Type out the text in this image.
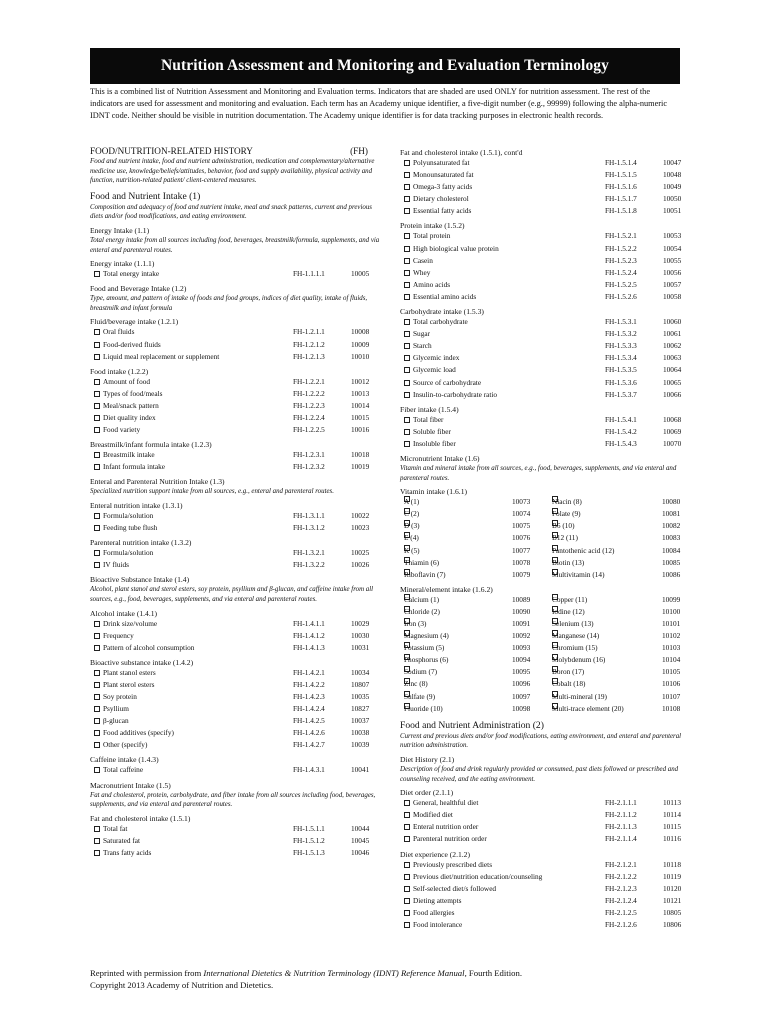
Nutrition Assessment and Monitoring and Evaluation Terminology
This is a combined list of Nutrition Assessment and Monitoring and Evaluation terms. Indicators that are shaded are used ONLY for nutrition assessment. The rest of the indicators are used for assessment and monitoring and evaluation. Each term has an Academy unique identifier, a five-digit number (e.g., 99999) following the alpha-numeric IDNT code. Neither should be visible in nutrition documentation. The Academy unique identifier is for data tracking purposes in electronic health records.
FOOD/NUTRITION-RELATED HISTORY	(FH)
Food and nutrient intake, food and nutrient administration, medication and complementary/alternative medicine use, knowledge/beliefs/attitudes, behavior, food and supply availability, physical activity and function, nutrition-related patient/ client-centered measures.
Food and Nutrient Intake (1)
Composition and adequacy of food and nutrient intake, meal and snack patterns, current and previous diets and/or food modifications, and eating environment.
Energy Intake (1.1)
Total energy intake from all sources including food, beverages, breastmilk/formula, supplements, and via enteral and parenteral routes.
Energy intake (1.1.1)
Total energy intake	FH-1.1.1.1	10005
Food and Beverage Intake (1.2)
Type, amount, and pattern of intake of foods and food groups, indices of diet quality, intake of fluids, breastmilk and infant formula
Fluid/beverage intake (1.2.1)
Oral fluids	FH-1.2.1.1	10008
Food-derived fluids	FH-1.2.1.2	10009
Liquid meal replacement or supplement	FH-1.2.1.3	10010
Food intake (1.2.2)
Amount of food	FH-1.2.2.1	10012
Types of food/meals	FH-1.2.2.2	10013
Meal/snack pattern	FH-1.2.2.3	10014
Diet quality index	FH-1.2.2.4	10015
Food variety	FH-1.2.2.5	10016
Breastmilk/infant formula intake (1.2.3)
Breastmilk intake	FH-1.2.3.1	10018
Infant formula intake	FH-1.2.3.2	10019
Enteral and Parenteral Nutrition Intake (1.3)
Specialized nutrition support intake from all sources, e.g., enteral and parenteral routes.
Enteral nutrition intake (1.3.1)
Formula/solution	FH-1.3.1.1	10022
Feeding tube flush	FH-1.3.1.2	10023
Parenteral nutrition intake (1.3.2)
Formula/solution	FH-1.3.2.1	10025
IV fluids	FH-1.3.2.2	10026
Bioactive Substance Intake (1.4)
Alcohol, plant stanol and sterol esters, soy protein, psyllium and β-glucan, and caffeine intake from all sources, e.g., food, beverages, supplements, and via enteral and parenteral routes.
Alcohol intake (1.4.1)
Drink size/volume	FH-1.4.1.1	10029
Frequency	FH-1.4.1.2	10030
Pattern of alcohol consumption	FH-1.4.1.3	10031
Bioactive substance intake (1.4.2)
Plant stanol esters	FH-1.4.2.1	10034
Plant sterol esters	FH-1.4.2.2	10807
Soy protein	FH-1.4.2.3	10035
Psyllium	FH-1.4.2.4	10827
β-glucan	FH-1.4.2.5	10037
Food additives (specify)	FH-1.4.2.6	10038
Other (specify)	FH-1.4.2.7	10039
Caffeine intake (1.4.3)
Total caffeine	FH-1.4.3.1	10041
Macronutrient Intake (1.5)
Fat and cholesterol, protein, carbohydrate, and fiber intake from all sources including food, beverages, supplements, and via enteral and parenteral routes.
Fat and cholesterol intake (1.5.1)
Total fat	FH-1.5.1.1	10044
Saturated fat	FH-1.5.1.2	10045
Trans fatty acids	FH-1.5.1.3	10046
Fat and cholesterol intake (1.5.1), cont'd
Polyunsaturated fat	FH-1.5.1.4	10047
Monounsaturated fat	FH-1.5.1.5	10048
Omega-3 fatty acids	FH-1.5.1.6	10049
Dietary cholesterol	FH-1.5.1.7	10050
Essential fatty acids	FH-1.5.1.8	10051
Protein intake (1.5.2)
Total protein	FH-1.5.2.1	10053
High biological value protein	FH-1.5.2.2	10054
Casein	FH-1.5.2.3	10055
Whey	FH-1.5.2.4	10056
Amino acids	FH-1.5.2.5	10057
Essential amino acids	FH-1.5.2.6	10058
Carbohydrate intake (1.5.3)
Total carbohydrate	FH-1.5.3.1	10060
Sugar	FH-1.5.3.2	10061
Starch	FH-1.5.3.3	10062
Glycemic index	FH-1.5.3.4	10063
Glycemic load	FH-1.5.3.5	10064
Source of carbohydrate	FH-1.5.3.6	10065
Insulin-to-carbohydrate ratio	FH-1.5.3.7	10066
Fiber intake (1.5.4)
Total fiber	FH-1.5.4.1	10068
Soluble fiber	FH-1.5.4.2	10069
Insoluble fiber	FH-1.5.4.3	10070
Micronutrient Intake (1.6)
Vitamin and mineral intake from all sources, e.g., food, beverages, supplements, and via enteral and parenteral routes.
Vitamin intake (1.6.1)
A (1)	10073	Niacin (8)	10080
C (2)	10074	Folate (9)	10081
D (3)	10075	B6 (10)	10082
E (4)	10076	B12 (11)	10083
K (5)	10077	Pantothenic acid (12)	10084
Thiamin (6)	10078	Biotin (13)	10085
Riboflavin (7)	10079	Multivitamin (14)	10086
Mineral/element intake (1.6.2)
Calcium (1)	10089	Copper (11)	10099
Chloride (2)	10090	Iodine (12)	10100
Iron (3)	10091	Selenium (13)	10101
Magnesium (4)	10092	Manganese (14)	10102
Potassium (5)	10093	Chromium (15)	10103
Phosphorus (6)	10094	Molybdenum (16)	10104
Sodium (7)	10095	Boron (17)	10105
Zinc (8)	10096	Cobalt (18)	10106
Sulfate (9)	10097	Multi-mineral (19)	10107
Fluoride (10)	10098	Multi-trace element (20)	10108
Food and Nutrient Administration (2)
Current and previous diets and/or food modifications, eating environment, and enteral and parenteral nutrition administration.
Diet History (2.1)
Description of food and drink regularly provided or consumed, past diets followed or prescribed and counseling received, and the eating environment.
Diet order (2.1.1)
General, healthful diet	FH-2.1.1.1	10113
Modified diet	FH-2.1.1.2	10114
Enteral nutrition order	FH-2.1.1.3	10115
Parenteral nutrition order	FH-2.1.1.4	10116
Diet experience (2.1.2)
Previously prescribed diets	FH-2.1.2.1	10118
Previous diet/nutrition education/counseling	FH-2.1.2.2	10119
Self-selected diet/s followed	FH-2.1.2.3	10120
Dieting attempts	FH-2.1.2.4	10121
Food allergies	FH-2.1.2.5	10805
Food intolerance	FH-2.1.2.6	10806
Reprinted with permission from International Dietetics & Nutrition Terminology (IDNT) Reference Manual, Fourth Edition.
Copyright 2013 Academy of Nutrition and Dietetics.
